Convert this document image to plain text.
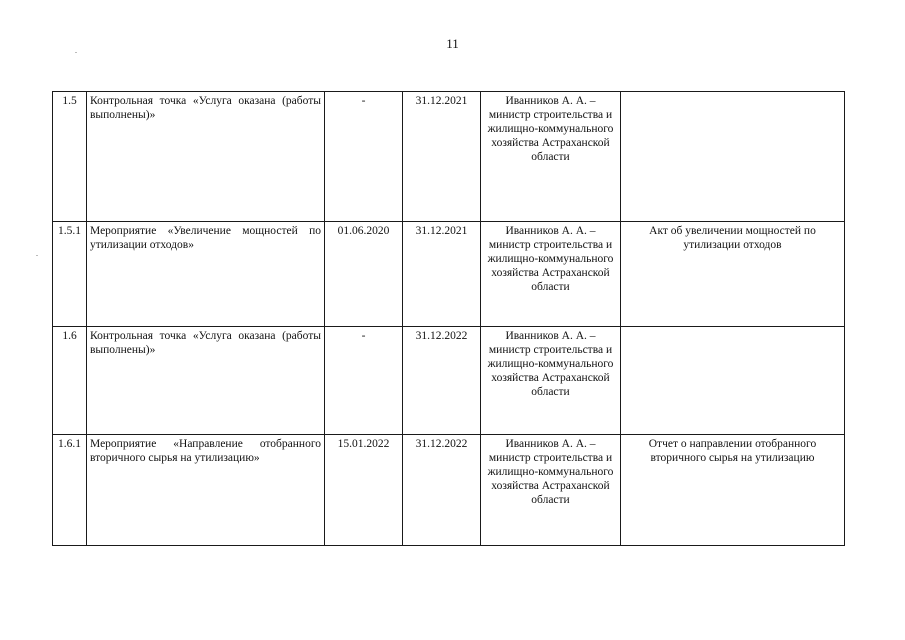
11
1.5	Контрольная точка «Услуга оказана (работы выполнены)»	-	31.12.2021	Иванников А. А. – министр строительства и жилищно-коммунального хозяйства Астраханской области	
1.5.1	Мероприятие «Увеличение мощностей по утилизации отходов»	01.06.2020	31.12.2021	Иванников А. А. – министр строительства и жилищно-коммунального хозяйства Астраханской области	Акт об увеличении мощностей по утилизации отходов
1.6	Контрольная точка «Услуга оказана (работы выполнены)»	-	31.12.2022	Иванников А. А. – министр строительства и жилищно-коммунального хозяйства Астраханской области	
1.6.1	Мероприятие «Направление отобранного вторичного сырья на утилизацию»	15.01.2022	31.12.2022	Иванников А. А. – министр строительства и жилищно-коммунального хозяйства Астраханской области	Отчет о направлении отобранного вторичного сырья на утилизацию
